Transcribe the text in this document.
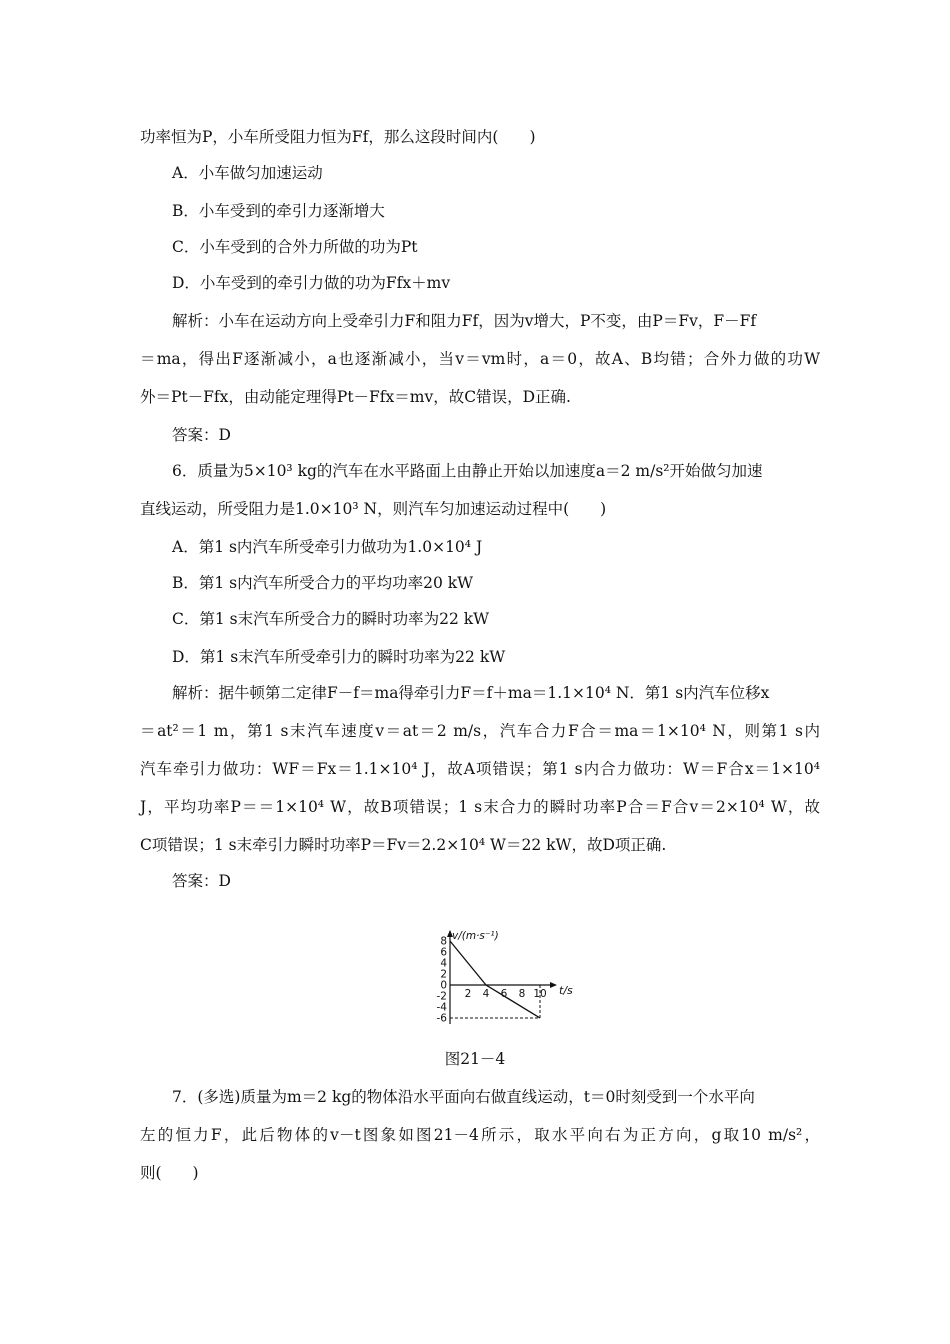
功率恒为P，小车所受阻力恒为Ff，那么这段时间内(　　)
A．小车做匀加速运动
B．小车受到的牵引力逐渐增大
C．小车受到的合外力所做的功为Pt
D．小车受到的牵引力做的功为Ffx＋mv
解析：小车在运动方向上受牵引力F和阻力Ff，因为v增大，P不变，由P＝Fv，F－Ff
＝ma，得出F逐渐减小，a也逐渐减小，当v＝vm时，a＝0，故A、B均错；合外力做的功W
外＝Pt－Ffx，由动能定理得Pt－Ffx＝mv，故C错误，D正确.
答案：D
6．质量为5×10³ kg的汽车在水平路面上由静止开始以加速度a＝2 m/s²开始做匀加速
直线运动，所受阻力是1.0×10³ N，则汽车匀加速运动过程中(　　)
A．第1 s内汽车所受牵引力做功为1.0×10⁴ J
B．第1 s内汽车所受合力的平均功率20 kW
C．第1 s末汽车所受合力的瞬时功率为22 kW
D．第1 s末汽车所受牵引力的瞬时功率为22 kW
解析：据牛顿第二定律F－f＝ma得牵引力F＝f＋ma＝1.1×10⁴ N．第1 s内汽车位移x
＝at²＝1 m，第1 s末汽车速度v＝at＝2 m/s，汽车合力F合＝ma＝1×10⁴ N，则第1 s内
汽车牵引力做功：WF＝Fx＝1.1×10⁴ J，故A项错误；第1 s内合力做功：W＝F合x＝1×10⁴
J，平均功率P＝＝1×10⁴ W，故B项错误；1 s末合力的瞬时功率P合＝F合v＝2×10⁴ W，故
C项错误；1 s末牵引力瞬时功率P＝Fv＝2.2×10⁴ W＝22 kW，故D项正确.
答案：D
v/(m·s⁻¹)
t/s
8
6
4
2
0
-2
-4
-6
2 4 6 8 10
图21－4
7．(多选)质量为m＝2 kg的物体沿水平面向右做直线运动，t＝0时刻受到一个水平向
左的恒力F，此后物体的v－t图象如图21－4所示，取水平向右为正方向，g取10 m/s²，
则(　　)
